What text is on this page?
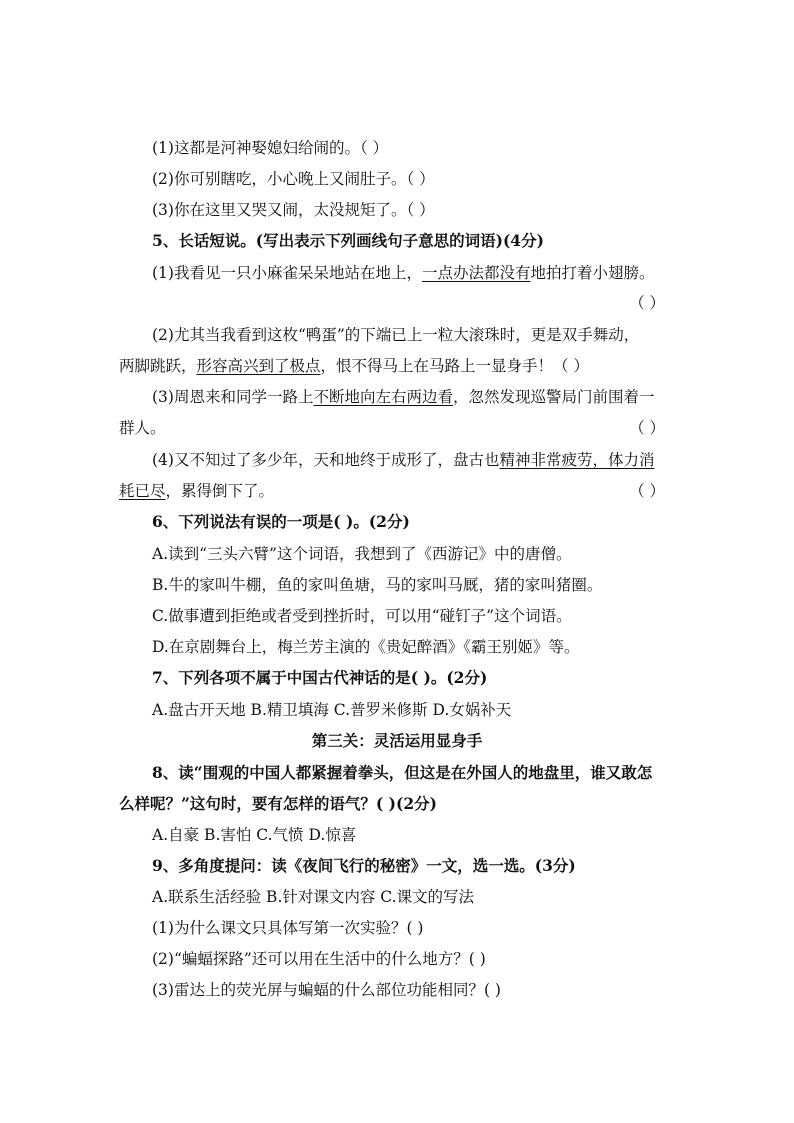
(1)这都是河神娶媳妇给闹的。（ ）
(2)你可别瞎吃，小心晚上又闹肚子。（ ）
(3)你在这里又哭又闹，太没规矩了。（ ）
5、长话短说。(写出表示下列画线句子意思的词语)(4分)
(1)我看见一只小麻雀呆呆地站在地上，一点办法都没有地拍打着小翅膀。
（ ）
(2)尤其当我看到这枚“鸭蛋”的下端已上一粒大滚珠时，更是双手舞动，
两脚跳跃，形容高兴到了极点，恨不得马上在马路上一显身手！（ ）
(3)周恩来和同学一路上不断地向左右两边看，忽然发现巡警局门前围着一
群人。	（ ）
(4)又不知过了多少年，天和地终于成形了，盘古也精神非常疲劳，体力消
耗已尽，累得倒下了。	（ ）
6、下列说法有误的一项是( )。(2分)
A.读到“三头六臂”这个词语，我想到了《西游记》中的唐僧。
B.牛的家叫牛棚，鱼的家叫鱼塘，马的家叫马厩，猪的家叫猪圈。
C.做事遭到拒绝或者受到挫折时，可以用“碰钉子”这个词语。
D.在京剧舞台上，梅兰芳主演的《贵妃醉酒》《霸王别姬》等。
7、下列各项不属于中国古代神话的是( )。(2分)
A.盘古开天地 B.精卫填海 C.普罗米修斯 D.女娲补天
第三关：灵活运用显身手
8、读“围观的中国人都紧握着拳头，但这是在外国人的地盘里，谁又敢怎
么样呢？”这句时，要有怎样的语气？( )(2分)
A.自豪 B.害怕 C.气愤 D.惊喜
9、多角度提问：读《夜间飞行的秘密》一文，选一选。(3分)
A.联系生活经验 B.针对课文内容 C.课文的写法
(1)为什么课文只具体写第一次实验？( )
(2)“蝙蝠探路”还可以用在生活中的什么地方？( )
(3)雷达上的荧光屏与蝙蝠的什么部位功能相同？( )
